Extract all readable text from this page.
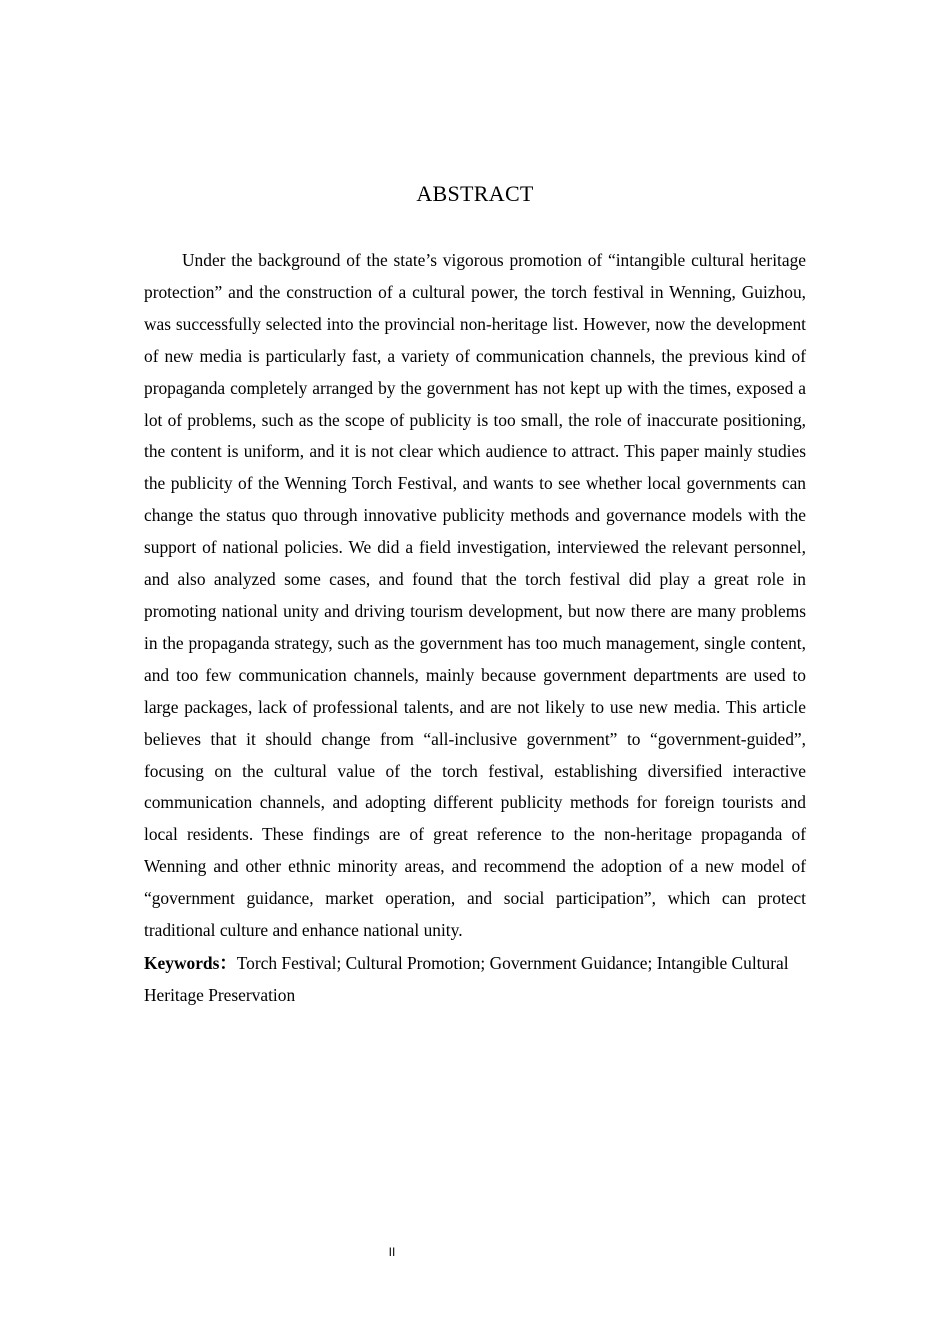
ABSTRACT

Under the background of the state’s vigorous promotion of “intangible cultural heritage protection” and the construction of a cultural power, the torch festival in Wenning, Guizhou, was successfully selected into the provincial non-heritage list. However, now the development of new media is particularly fast, a variety of communication channels, the previous kind of propaganda completely arranged by the government has not kept up with the times, exposed a lot of problems, such as the scope of publicity is too small, the role of inaccurate positioning, the content is uniform, and it is not clear which audience to attract. This paper mainly studies the publicity of the Wenning Torch Festival, and wants to see whether local governments can change the status quo through innovative publicity methods and governance models with the support of national policies. We did a field investigation, interviewed the relevant personnel, and also analyzed some cases, and found that the torch festival did play a great role in promoting national unity and driving tourism development, but now there are many problems in the propaganda strategy, such as the government has too much management, single content, and too few communication channels, mainly because government departments are used to large packages, lack of professional talents, and are not likely to use new media. This article believes that it should change from “all-inclusive government” to “government-guided”, focusing on the cultural value of the torch festival, establishing diversified interactive communication channels, and adopting different publicity methods for foreign tourists and local residents. These findings are of great reference to the non-heritage propaganda of Wenning and other ethnic minority areas, and recommend the adoption of a new model of “government guidance, market operation, and social participation”, which can protect traditional culture and enhance national unity.

Keywords：Torch Festival; Cultural Promotion; Government Guidance; Intangible Cultural Heritage Preservation

II
